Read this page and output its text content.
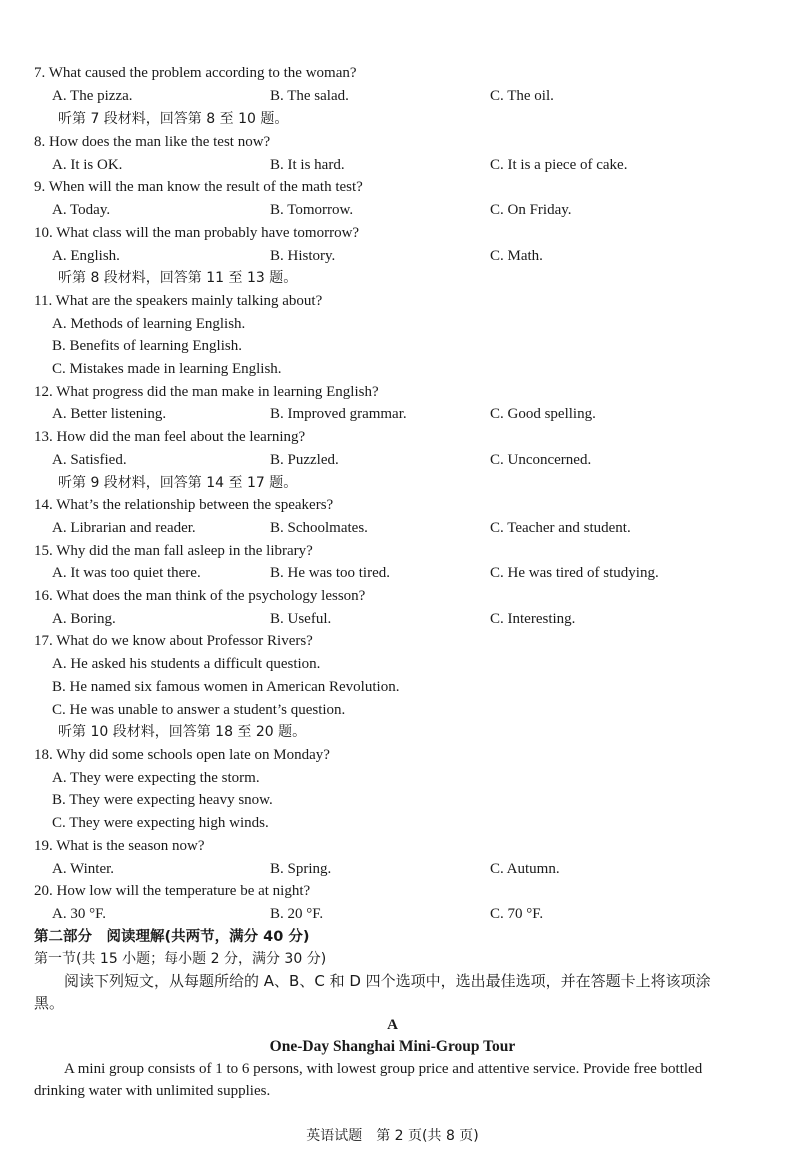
7. What caused the problem according to the woman?
A. The pizza.	B. The salad.	C. The oil.
听第 7 段材料，回答第 8 至 10 题。
8. How does the man like the test now?
A. It is OK.	B. It is hard.	C. It is a piece of cake.
9. When will the man know the result of the math test?
A. Today.	B. Tomorrow.	C. On Friday.
10. What class will the man probably have tomorrow?
A. English.	B. History.	C. Math.
听第 8 段材料，回答第 11 至 13 题。
11. What are the speakers mainly talking about?
A. Methods of learning English.
B. Benefits of learning English.
C. Mistakes made in learning English.
12. What progress did the man make in learning English?
A. Better listening.	B. Improved grammar.	C. Good spelling.
13. How did the man feel about the learning?
A. Satisfied.	B. Puzzled.	C. Unconcerned.
听第 9 段材料，回答第 14 至 17 题。
14. What’s the relationship between the speakers?
A. Librarian and reader.	B. Schoolmates.	C. Teacher and student.
15. Why did the man fall asleep in the library?
A. It was too quiet there.	B. He was too tired.	C. He was tired of studying.
16. What does the man think of the psychology lesson?
A. Boring.	B. Useful.	C. Interesting.
17. What do we know about Professor Rivers?
A. He asked his students a difficult question.
B. He named six famous women in American Revolution.
C. He was unable to answer a student’s question.
听第 10 段材料，回答第 18 至 20 题。
18. Why did some schools open late on Monday?
A. They were expecting the storm.
B. They were expecting heavy snow.
C. They were expecting high winds.
19. What is the season now?
A. Winter.	B. Spring.	C. Autumn.
20. How low will the temperature be at night?
A. 30 °F.	B. 20 °F.	C. 70 °F.
第二部分　阅读理解(共两节，满分 40 分)
第一节(共 15 小题；每小题 2 分，满分 30 分)
阅读下列短文，从每题所给的 A、B、C 和 D 四个选项中，选出最佳选项，并在答题卡上将该项涂黑。
A
One-Day Shanghai Mini-Group Tour
A mini group consists of 1 to 6 persons, with lowest group price and attentive service. Provide free bottled drinking water with unlimited supplies.
英语试题　第 2 页(共 8 页)
